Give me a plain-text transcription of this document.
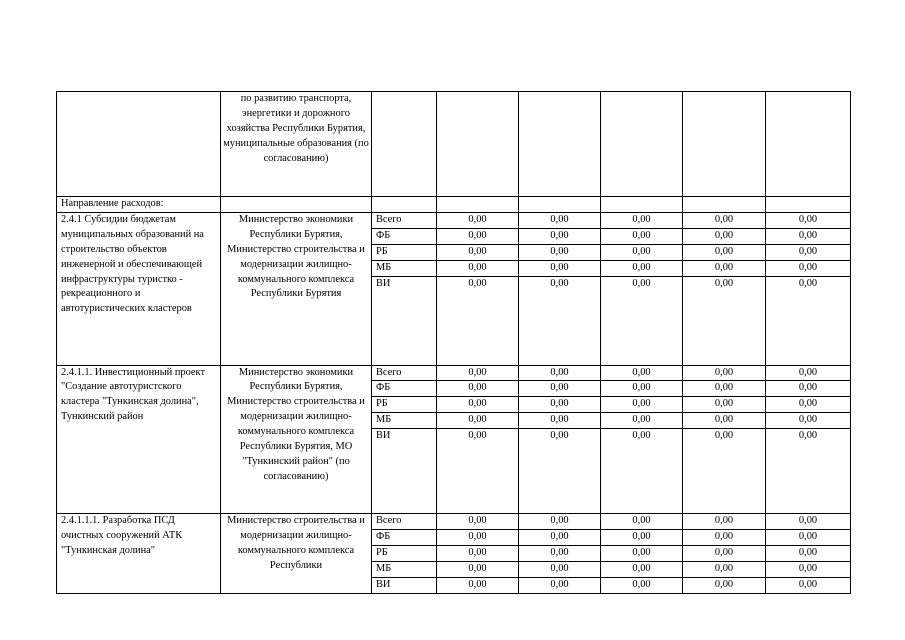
	по развитию транспорта, энергетики и дорожного хозяйства Республики Бурятия, муниципальные образования (по согласованию)						
Направление расходов:							
2.4.1 Субсидии бюджетам муниципальных образований на строительство объектов инженерной и обеспечивающей инфраструктуры туристко - рекреационного и автотуристических кластеров	Министерство экономики Республики Бурятия, Министерство строительства и модернизации жилищно-коммунального комплекса Республики Бурятия	Всего	0,00	0,00	0,00	0,00	0,00
		ФБ	0,00	0,00	0,00	0,00	0,00
		РБ	0,00	0,00	0,00	0,00	0,00
		МБ	0,00	0,00	0,00	0,00	0,00
		ВИ	0,00	0,00	0,00	0,00	0,00
2.4.1.1. Инвестиционный проект "Создание автотуристского кластера "Тункинская долина", Тункинский район	Министерство экономики Республики Бурятия, Министерство строительства и модернизации жилищно-коммунального комплекса Республики Бурятия, МО "Тункинский район" (по согласованию)	Всего	0,00	0,00	0,00	0,00	0,00
		ФБ	0,00	0,00	0,00	0,00	0,00
		РБ	0,00	0,00	0,00	0,00	0,00
		МБ	0,00	0,00	0,00	0,00	0,00
		ВИ	0,00	0,00	0,00	0,00	0,00
2.4.1.1.1. Разработка ПСД очистных сооружений АТК "Тункинская долина"	Министерство строительства и модернизации жилищно-коммунального комплекса Республики	Всего	0,00	0,00	0,00	0,00	0,00
		ФБ	0,00	0,00	0,00	0,00	0,00
		РБ	0,00	0,00	0,00	0,00	0,00
		МБ	0,00	0,00	0,00	0,00	0,00
		ВИ	0,00	0,00	0,00	0,00	0,00
